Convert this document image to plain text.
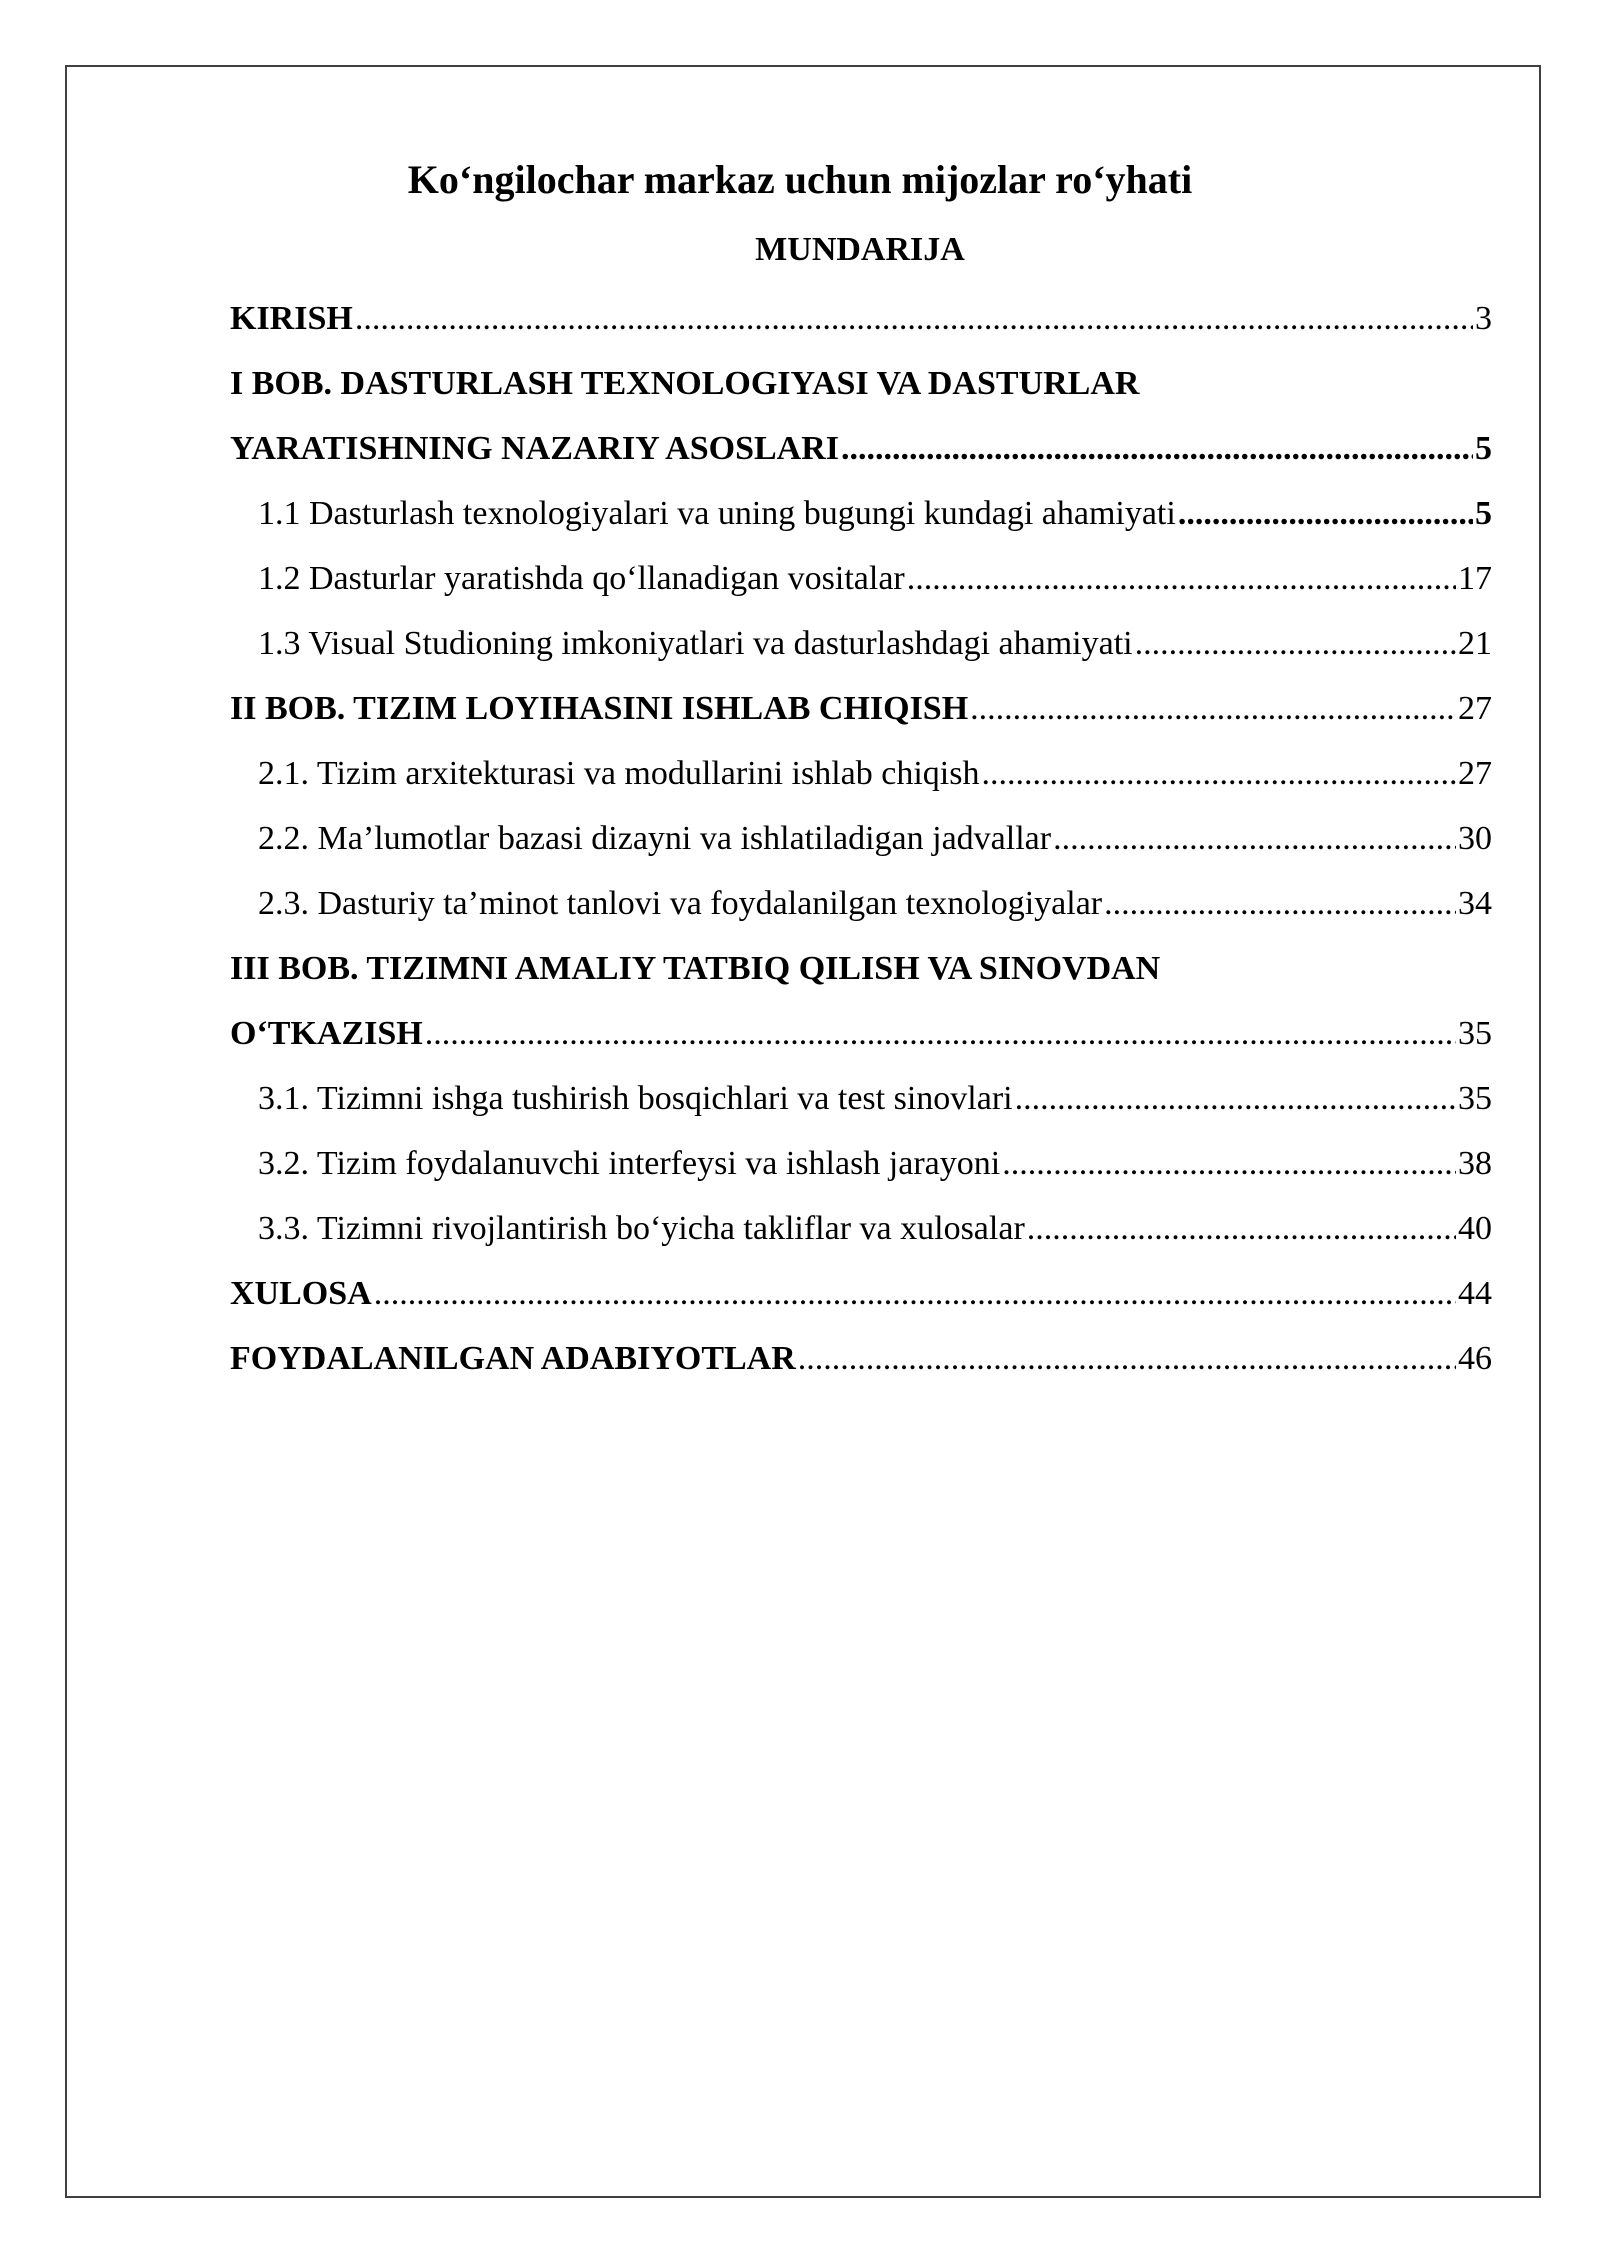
Ko‘ngilochar markaz uchun mijozlar ro‘yhati
MUNDARIJA
KIRISH .....	3
I BOB. DASTURLASH TEXNOLOGIYASI VA DASTURLAR
YARATISHNING NAZARIY ASOSLARI .....	5
1.1 Dasturlash texnologiyalari va uning bugungi kundagi ahamiyati .....	5
1.2 Dasturlar yaratishda qo‘llanadigan vositalar .....	17
1.3 Visual Studioning imkoniyatlari va dasturlashdagi ahamiyati .....	21
II BOB. TIZIM LOYIHASINI ISHLAB CHIQISH .....	27
2.1. Tizim arxitekturasi va modullarini ishlab chiqish .....	27
2.2. Ma’lumotlar bazasi dizayni va ishlatiladigan jadvallar .....	30
2.3. Dasturiy ta’minot tanlovi va foydalanilgan texnologiyalar .....	34
III BOB. TIZIMNI AMALIY TATBIQ QILISH VA SINOVDAN
O‘TKAZISH .....	35
3.1. Tizimni ishga tushirish bosqichlari va test sinovlari .....	35
3.2. Tizim foydalanuvchi interfeysi va ishlash jarayoni .....	38
3.3. Tizimni rivojlantirish bo‘yicha takliflar va xulosalar .....	40
XULOSA .....	44
FOYDALANILGAN ADABIYOTLAR .....	46
